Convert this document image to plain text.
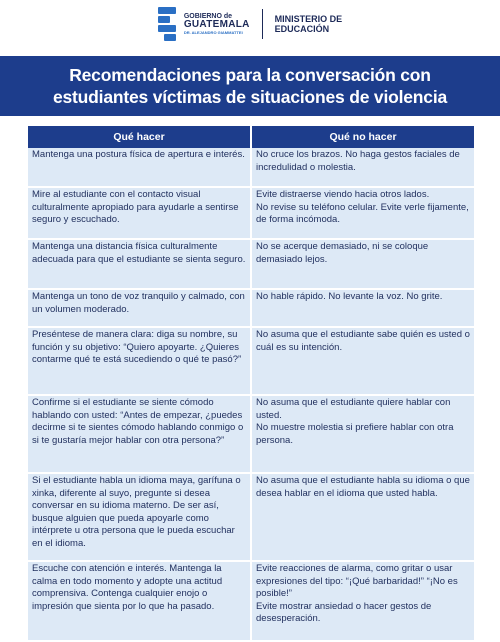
GOBIERNO de
GUATEMALA
DR. ALEJANDRO GIAMMATTEI
MINISTERIO DE
EDUCACIÓN
Recomendaciones para la conversación con
estudiantes víctimas de situaciones de violencia
Qué hacer	Qué no hacer
Mantenga una postura física de apertura e interés.	No cruce los brazos. No haga gestos faciales de incredulidad o molestia.
Mire al estudiante con el contacto visual culturalmente apropiado para ayudarle a sentirse seguro y escuchado.
Evite distraerse viendo hacia otros lados.
No revise su teléfono celular. Evite verle fijamente, de forma incómoda.
Mantenga una distancia física culturalmente adecuada para que el estudiante se sienta seguro.
No se acerque demasiado, ni se coloque demasiado lejos.
Mantenga un tono de voz tranquilo y calmado, con un volumen moderado.
No hable rápido. No levante la voz. No grite.
Preséntese de manera clara: diga su nombre, su función y su objetivo: “Quiero apoyarte. ¿Quieres contarme qué te está sucediendo o qué te pasó?”
No asuma que el estudiante sabe quién es usted o cuál es su intención.
Confirme si el estudiante se siente cómodo hablando con usted: “Antes de empezar, ¿puedes decirme si te sientes cómodo hablando conmigo o si te gustaría mejor hablar con otra persona?”
No asuma que el estudiante quiere hablar con usted.
No muestre molestia si prefiere hablar con otra persona.
Si el estudiante habla un idioma maya, garífuna o xinka, diferente al suyo, pregunte si desea conversar en su idioma materno. De ser así, busque alguien que pueda apoyarle como intérprete u otra persona que le pueda escuchar en el idioma.
No asuma que el estudiante habla su idioma o que desea hablar en el idioma que usted habla.
Escuche con atención e interés. Mantenga la calma en todo momento y adopte una actitud comprensiva. Contenga cualquier enojo o impresión que sienta por lo que ha pasado.
Evite reacciones de alarma, como gritar o usar expresiones del tipo: “¡Qué barbaridad!” “¡No es posible!”
Evite mostrar ansiedad o hacer gestos de desesperación.
